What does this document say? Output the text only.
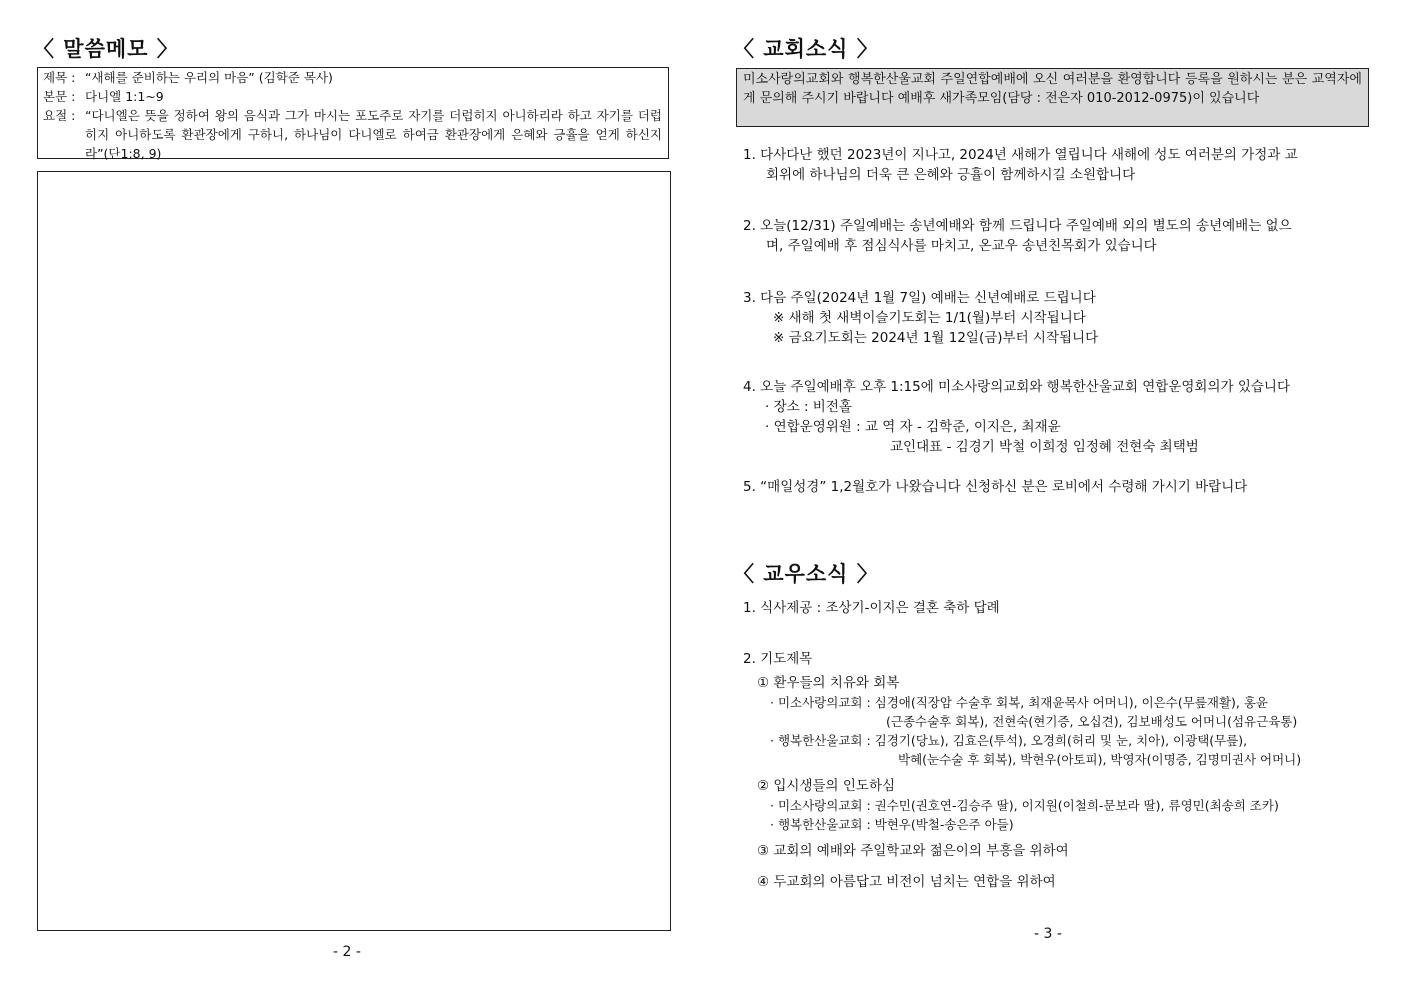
〈 말씀메모 〉
제목 : “새해를 준비하는 우리의 마음” (김학준 목사)
본문 : 다니엘 1:1~9
요절 : “다니엘은 뜻을 정하여 왕의 음식과 그가 마시는 포도주로 자기를 더럽히지 아니하리라 하고 자기를 더럽히지 아니하도록 환관장에게 구하니, 하나님이 다니엘로 하여금 환관장에게 은혜와 긍휼을 얻게 하신지라”(단1:8, 9)
- 2 -
〈 교회소식 〉
미소사랑의교회와 행복한산울교회 주일연합예배에 오신 여러분을 환영합니다 등록을 원하시는 분은 교역자에게 문의해 주시기 바랍니다 예배후 새가족모임(담당 : 전은자 010-2012-0975)이 있습니다
1. 다사다난 했던 2023년이 지나고, 2024년 새해가 열립니다 새해에 성도 여러분의 가정과 교
회위에 하나님의 더욱 큰 은혜와 긍휼이 함께하시길 소원합니다
2. 오늘(12/31) 주일예배는 송년예배와 함께 드립니다 주일예배 외의 별도의 송년예배는 없으
며, 주일예배 후 점심식사를 마치고, 온교우 송년친목회가 있습니다
3. 다음 주일(2024년 1월 7일) 예배는 신년예배로 드립니다
※ 새해 첫 새벽이슬기도회는 1/1(월)부터 시작됩니다
※ 금요기도회는 2024년 1월 12일(금)부터 시작됩니다
4. 오늘 주일예배후 오후 1:15에 미소사랑의교회와 행복한산울교회 연합운영회의가 있습니다
· 장소 : 비전홀
· 연합운영위원 : 교 역 자 - 김학준, 이지은, 최재윤
교인대표 - 김경기 박철 이희정 임정혜 전현숙 최택범
5. “매일성경” 1,2월호가 나왔습니다 신청하신 분은 로비에서 수령해 가시기 바랍니다
〈 교우소식 〉
1. 식사제공 : 조상기-이지은 결혼 축하 답례
2. 기도제목
① 환우들의 치유와 회복
· 미소사랑의교회 : 심경애(직장암 수술후 회복, 최재윤목사 어머니), 이은수(무릎재활), 홍윤
(근종수술후 회복), 전현숙(현기증, 오십견), 김보배성도 어머니(섬유근육통)
· 행복한산울교회 : 김경기(당뇨), 김효은(투석), 오경희(허리 및 눈, 치아), 이광택(무릎),
박혜(눈수술 후 회복), 박현우(아토피), 박영자(이명증, 김명미권사 어머니)
② 입시생들의 인도하심
· 미소사랑의교회 : 권수민(권호연-김승주 딸), 이지원(이철희-문보라 딸), 류영민(최송희 조카)
· 행복한산울교회 : 박현우(박철-송은주 아들)
③ 교회의 예배와 주일학교와 젊은이의 부흥을 위하여
④ 두교회의 아름답고 비전이 넘치는 연합을 위하여
- 3 -
